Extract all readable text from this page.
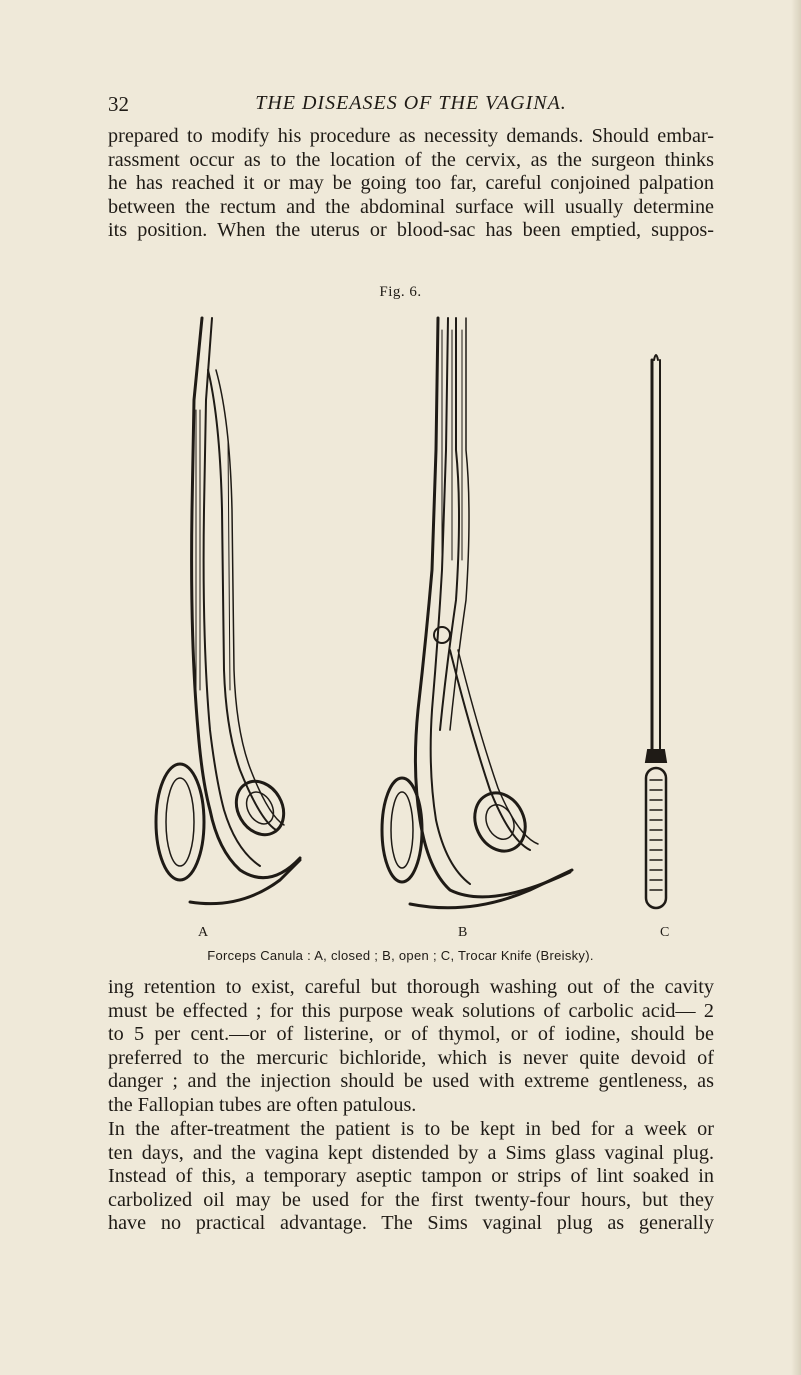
32	THE DISEASES OF THE VAGINA.

prepared to modify his procedure as necessity demands. Should embar-
rassment occur as to the location of the cervix, as the surgeon thinks
he has reached it or may be going too far, careful conjoined palpation
between the rectum and the abdominal surface will usually determine
its position. When the uterus or blood-sac has been emptied, suppos-

Fig. 6.
A	B	C
Forceps Canula : A, closed ; B, open ; C, Trocar Knife (Breisky).

ing retention to exist, careful but thorough washing out of the cavity
must be effected ; for this purpose weak solutions of carbolic acid— 2
to 5 per cent.—or of listerine, or of thymol, or of iodine, should be
preferred to the mercuric bichloride, which is never quite devoid of
danger ; and the injection should be used with extreme gentleness, as
the Fallopian tubes are often patulous.

In the after-treatment the patient is to be kept in bed for a week or
ten days, and the vagina kept distended by a Sims glass vaginal plug.
Instead of this, a temporary aseptic tampon or strips of lint soaked in
carbolized oil may be used for the first twenty-four hours, but they
have no practical advantage. The Sims vaginal plug as generally
